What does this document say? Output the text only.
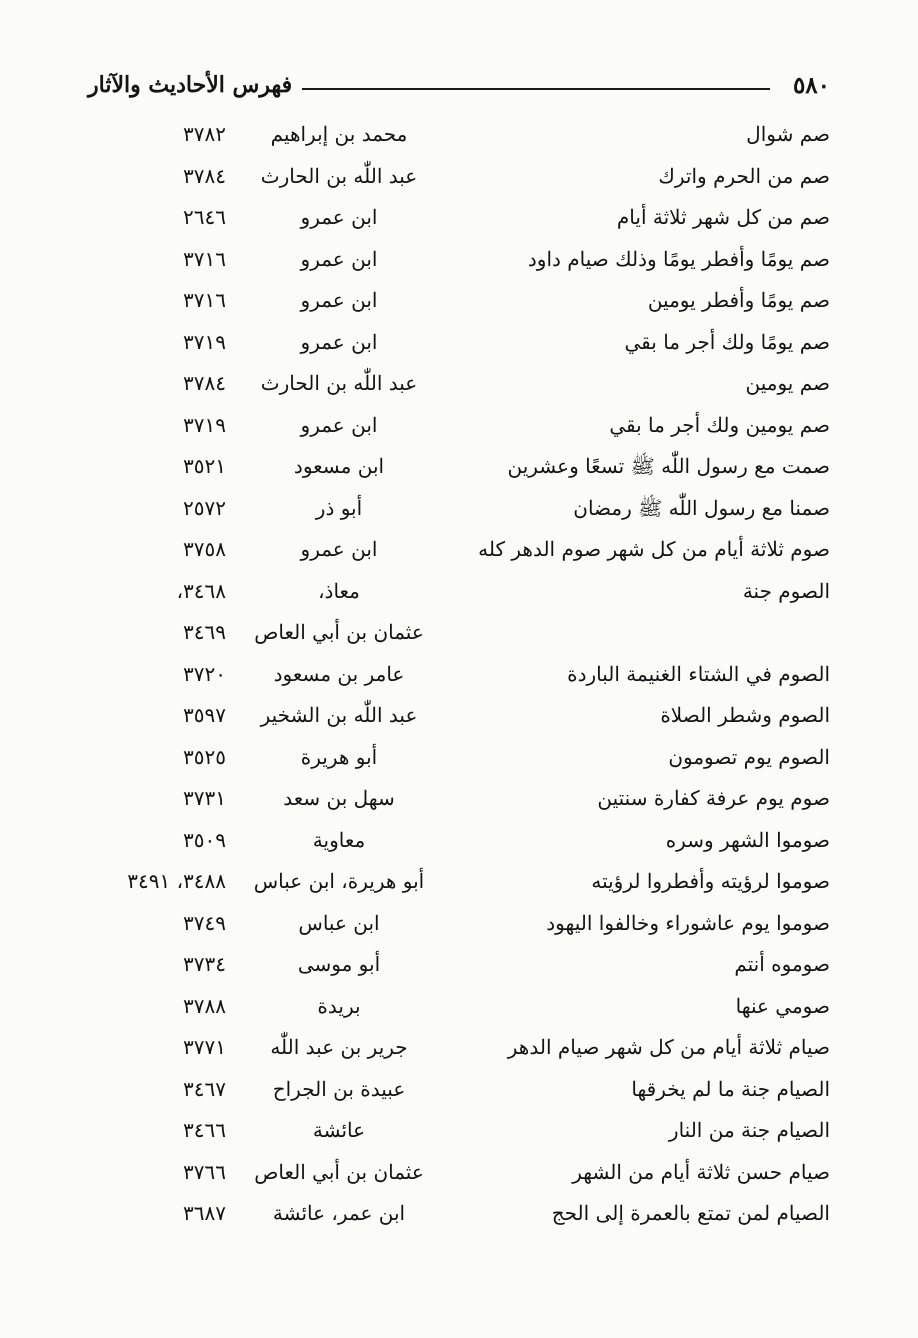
٥٨٠
فهرس الأحاديث والآثار
صم شوال
محمد بن إبراهيم
٣٧٨٢
صم من الحرم واترك
عبد اللّٰه بن الحارث
٣٧٨٤
صم من كل شهر ثلاثة أيام
ابن عمرو
٢٦٤٦
صم يومًا وأفطر يومًا وذلك صيام داود
ابن عمرو
٣٧١٦
صم يومًا وأفطر يومين
ابن عمرو
٣٧١٦
صم يومًا ولك أجر ما بقي
ابن عمرو
٣٧١٩
صم يومين
عبد اللّٰه بن الحارث
٣٧٨٤
صم يومين ولك أجر ما بقي
ابن عمرو
٣٧١٩
صمت مع رسول اللّٰه ﷺ تسعًا وعشرين
ابن مسعود
٣٥٢١
صمنا مع رسول اللّٰه ﷺ رمضان
أبو ذر
٢٥٧٢
صوم ثلاثة أيام من كل شهر صوم الدهر كله
ابن عمرو
٣٧٥٨
الصوم جنة
معاذ،
٣٤٦٨،
عثمان بن أبي العاص
٣٤٦٩
الصوم في الشتاء الغنيمة الباردة
عامر بن مسعود
٣٧٢٠
الصوم وشطر الصلاة
عبد اللّٰه بن الشخير
٣٥٩٧
الصوم يوم تصومون
أبو هريرة
٣٥٢٥
صوم يوم عرفة كفارة سنتين
سهل بن سعد
٣٧٣١
صوموا الشهر وسره
معاوية
٣٥٠٩
صوموا لرؤيته وأفطروا لرؤيته
أبو هريرة، ابن عباس
٣٤٨٨، ٣٤٩١
صوموا يوم عاشوراء وخالفوا اليهود
ابن عباس
٣٧٤٩
صوموه أنتم
أبو موسى
٣٧٣٤
صومي عنها
بريدة
٣٧٨٨
صيام ثلاثة أيام من كل شهر صيام الدهر
جرير بن عبد اللّٰه
٣٧٧١
الصيام جنة ما لم يخرقها
عبيدة بن الجراح
٣٤٦٧
الصيام جنة من النار
عائشة
٣٤٦٦
صيام حسن ثلاثة أيام من الشهر
عثمان بن أبي العاص
٣٧٦٦
الصيام لمن تمتع بالعمرة إلى الحج
ابن عمر، عائشة
٣٦٨٧
